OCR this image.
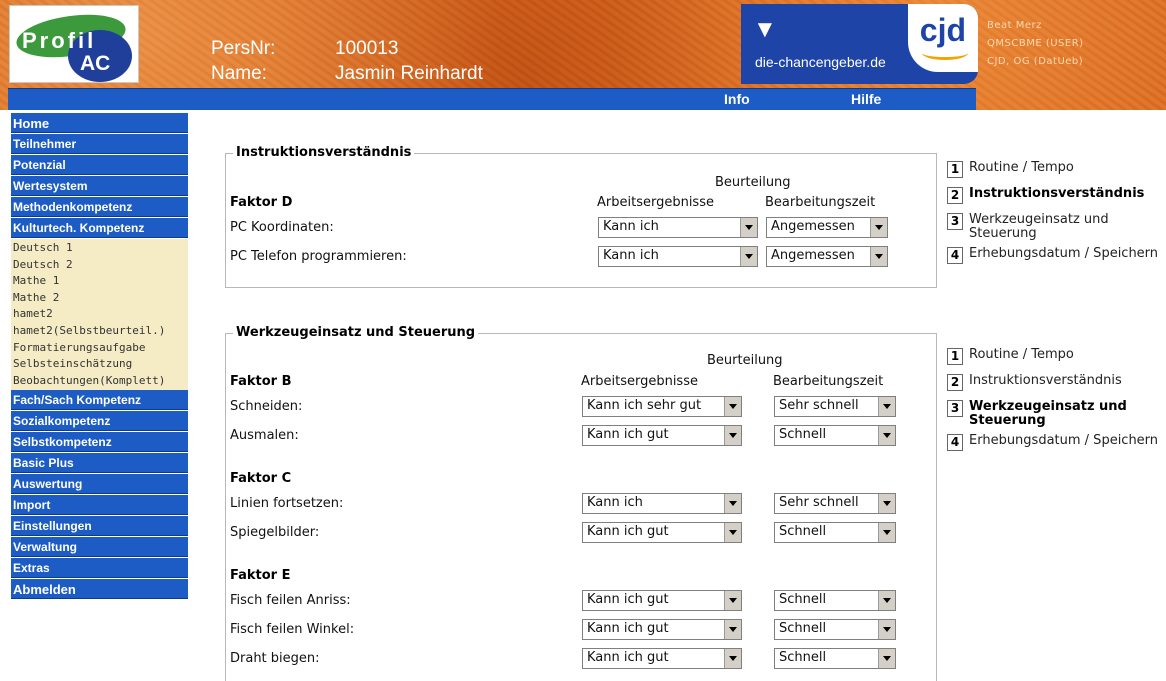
Profil
AC
PersNr:	100013
Name:	Jasmin Reinhardt
▼
die-chancengeber.de
cjd Beat Merz
QMSCBME (USER)
CJD, OG (DatUeb)
Info	Hilfe
Home
Teilnehmer
Potenzial
Wertesystem
Methodenkompetenz
Kulturtech. Kompetenz
Deutsch 1
Deutsch 2
Mathe 1
Mathe 2
hamet2
hamet2(Selbstbeurteil.)
Formatierungsaufgabe
Selbsteinschätzung
Beobachtungen(Komplett)
Fach/Sach Kompetenz
Sozialkompetenz
Selbstkompetenz
Basic Plus
Auswertung
Import
Einstellungen
Verwaltung
Extras
Abmelden
Instruktionsverständnis
Beurteilung
Arbeitsergebnisse	Bearbeitungszeit
Faktor D
PC Koordinaten:	Kann ich	Angemessen
PC Telefon programmieren:	Kann ich	Angemessen
1 Routine / Tempo
2 Instruktionsverständnis
3 Werkzeugeinsatz und Steuerung
4 Erhebungsdatum / Speichern
Werkzeugeinsatz und Steuerung
Beurteilung
Arbeitsergebnisse	Bearbeitungszeit
Faktor B
Schneiden:	Kann ich sehr gut	Sehr schnell
Ausmalen:	Kann ich gut	Schnell
Faktor C
Linien fortsetzen:	Kann ich	Sehr schnell
Spiegelbilder:	Kann ich gut	Schnell
Faktor E
Fisch feilen Anriss:	Kann ich gut	Schnell
Fisch feilen Winkel:	Kann ich gut	Schnell
Draht biegen:	Kann ich gut	Schnell
1 Routine / Tempo
2 Instruktionsverständnis
3 Werkzeugeinsatz und Steuerung
4 Erhebungsdatum / Speichern
